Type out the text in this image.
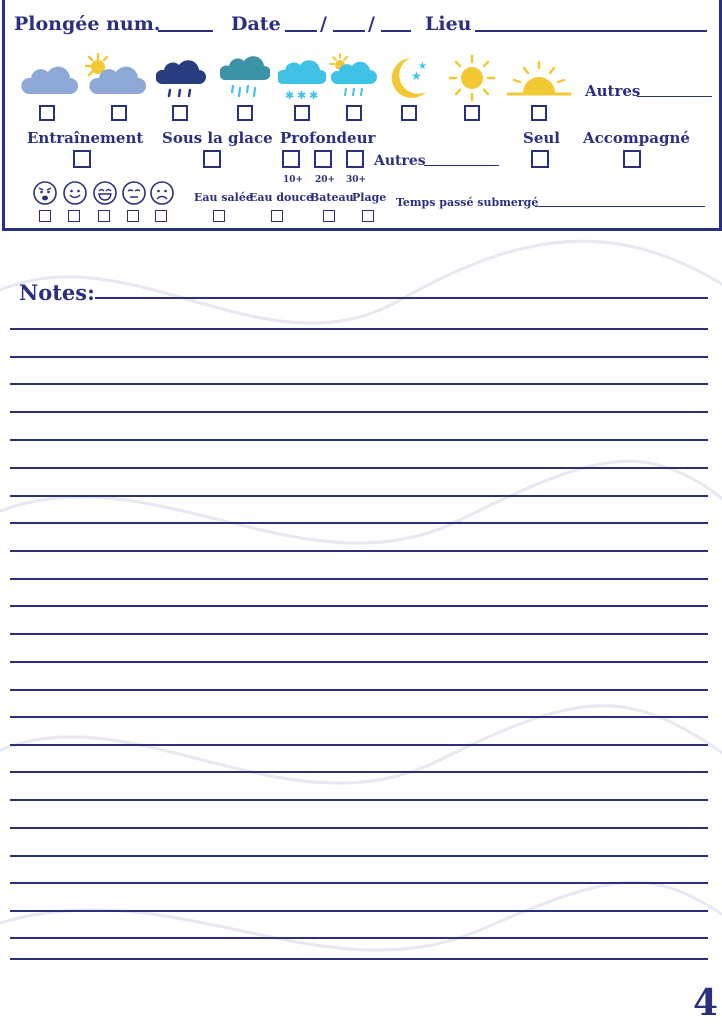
Plongée num.	Date / /	Lieu
✱ ✱ ✱
★
★
Autres
Entraînement Sous la glace Profondeur	Seul Accompagné
Autres
10+ 20+ 30+
Eau salée
Eau douce
Bateau
Plage Temps passé submergé
Notes:
4
